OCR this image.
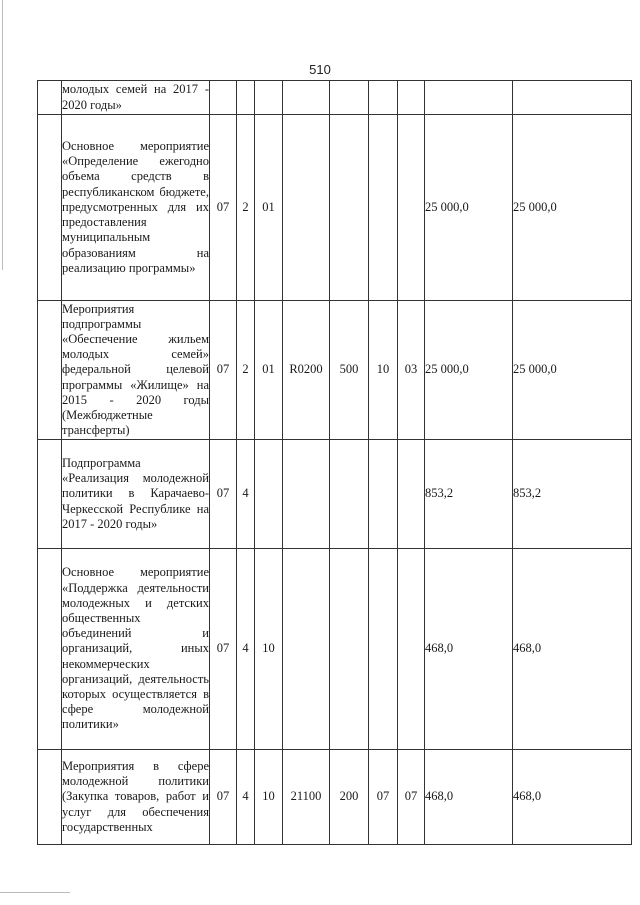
510
	молодых семей на 2017 - 2020 годы»									
	Основное мероприятие «Определение ежегодно объема средств в республиканском бюджете, предусмотренных для их предоставления муниципальным образованиям на реализацию программы»	07	2	01					25 000,0	25 000,0
	Мероприятия подпрограммы «Обеспечение жильем молодых семей» федеральной целевой программы «Жилище» на 2015 - 2020 годы (Межбюджетные трансферты)	07	2	01	R0200	500	10	03	25 000,0	25 000,0
	Подпрограмма «Реализация молодежной политики в Карачаево-Черкесской Республике на 2017 - 2020 годы»	07	4						853,2	853,2
	Основное мероприятие «Поддержка деятельности молодежных и детских общественных объединений и организаций, иных некоммерческих организаций, деятельность которых осуществляется в сфере молодежной политики»	07	4	10					468,0	468,0
	Мероприятия в сфере молодежной политики (Закупка товаров, работ и услуг для обеспечения государственных	07	4	10	21100	200	07	07	468,0	468,0
